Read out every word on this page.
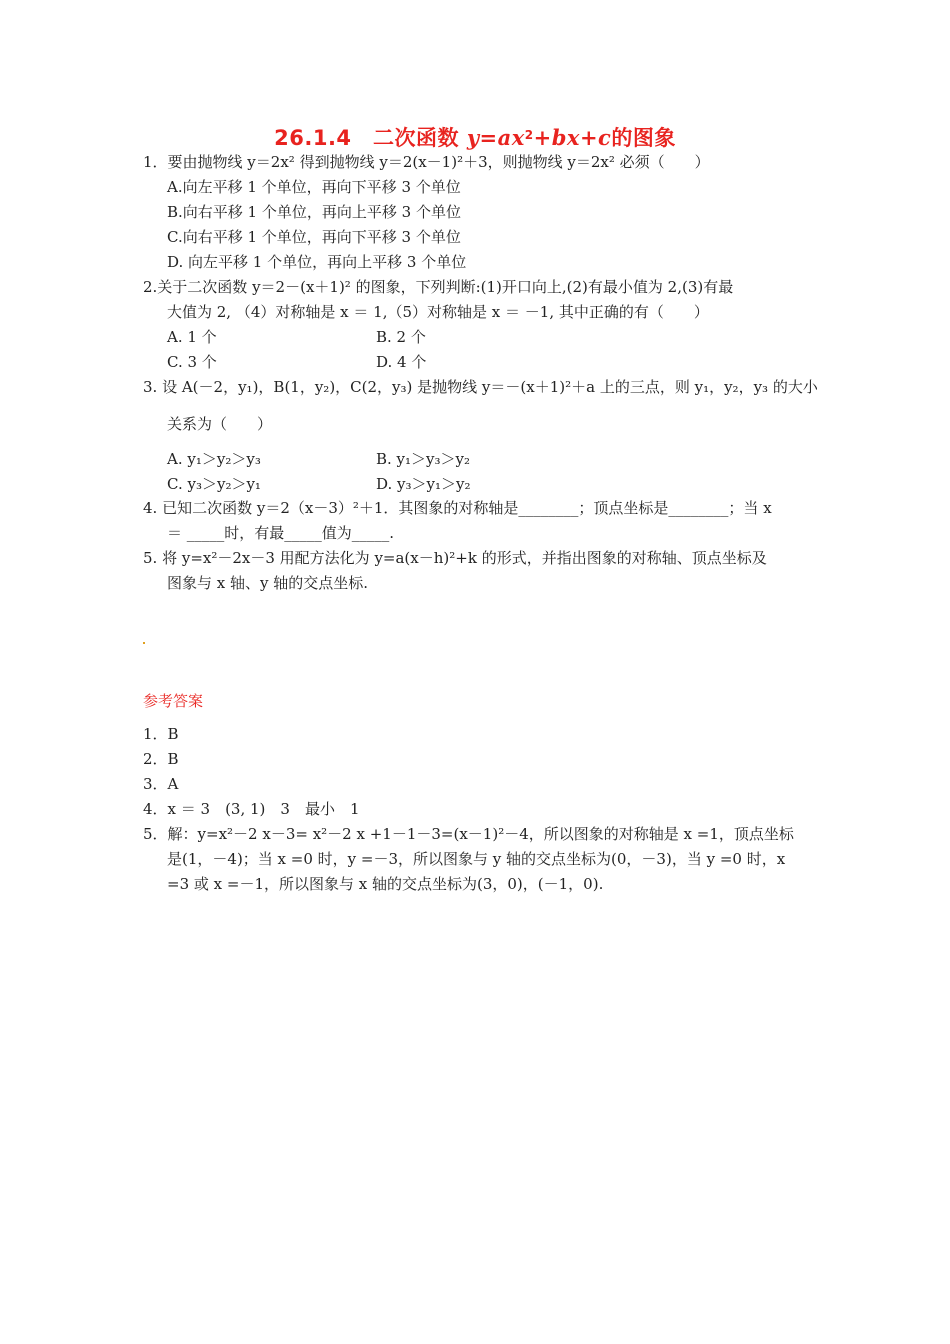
26.1.4　二次函数 $y=ax^2+bx+c$的图象
1．要由抛物线 y＝2x² 得到抛物线 y＝2(x－1)²＋3，则抛物线 y＝2x² 必须（　　）
A.向左平移 1 个单位，再向下平移 3 个单位
B.向右平移 1 个单位，再向上平移 3 个单位
C.向右平移 1 个单位，再向下平移 3 个单位
D. 向左平移 1 个单位，再向上平移 3 个单位
2.关于二次函数 y＝2－(x＋1)² 的图象，下列判断:(1)开口向上,(2)有最小值为 2,(3)有最
大值为 2, （4）对称轴是 x ＝ 1,（5）对称轴是 x ＝ －1, 其中正确的有（　　）
A. 1 个	B. 2 个
C. 3 个	D. 4 个
3. 设 A(－2，y₁)，B(1，y₂)，C(2，y₃) 是抛物线 y＝－(x＋1)²＋a 上的三点，则 y₁，y₂，y₃ 的大小
关系为（　　）
A. y₁＞y₂＞y₃	B. y₁＞y₃＞y₂
C. y₃＞y₂＞y₁	D. y₃＞y₁＞y₂
4. 已知二次函数 y＝2（x－3）²＋1．其图象的对称轴是________；顶点坐标是________；当 x
＝ _____时，有最_____值为_____.
5. 将 y=x²－2x－3 用配方法化为 y=a(x－h)²+k 的形式，并指出图象的对称轴、顶点坐标及
图象与 x 轴、y 轴的交点坐标.
参考答案
1．B
2．B
3．A
4．x ＝ 3　(3, 1)　3　最小　1
5．解：y=x²－2 x－3= x²－2 x +1－1－3=(x－1)²－4，所以图象的对称轴是 x =1，顶点坐标
是(1，－4)；当 x =0 时，y =－3，所以图象与 y 轴的交点坐标为(0，－3)，当 y =0 时，x
=3 或 x =－1，所以图象与 x 轴的交点坐标为(3，0)，(－1，0).
